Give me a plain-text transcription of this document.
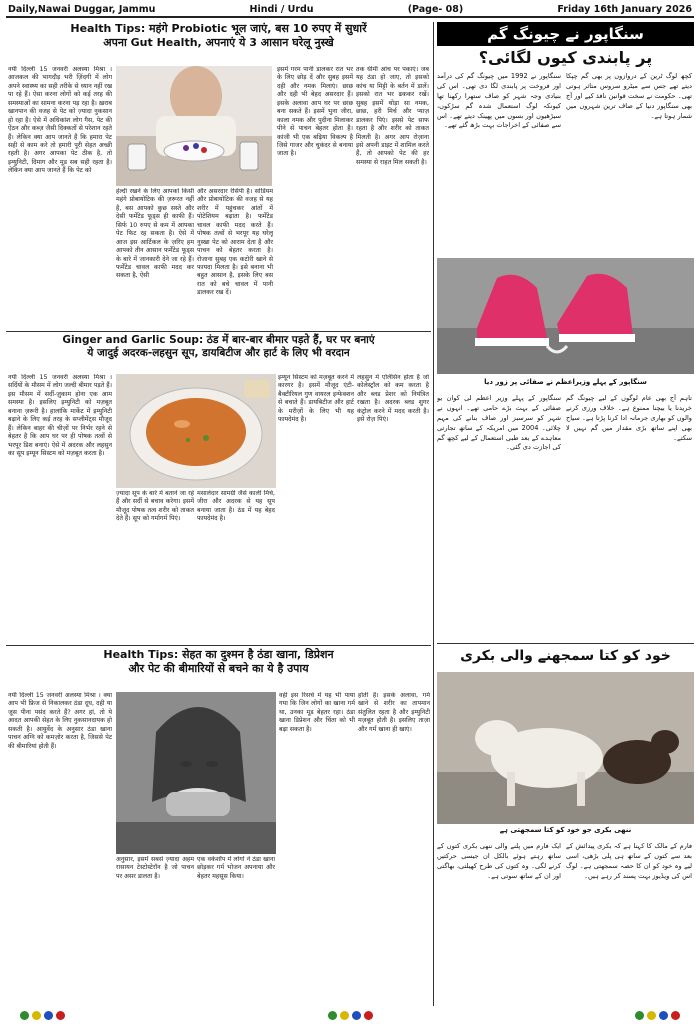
Daily,Nawai Duggar, Jammu	Hindi / Urdu	(Page- 08)	Friday 16th January 2026
Health Tips: महंगे Probiotic भूल जाएं, बस 10 रुपए में सुधारें
अपना Gut Health, अपनाएं ये 3 आसान घरेलू नुस्खे
नयी दिल्ली 15 जनवरी अलस्या मिश्रा । आजकल की भागदौड़ भरी ज़िंदगी में लोग अपने स्वास्थ्य का सही तरीके से ध्यान नहीं रख पा रहे हैं। ऐसा करना लोगों को कई तरह की समस्याओं का सामना करना पड़ रहा है। ख़राब खानपान की वजह से पेट को ज़्यादा नुकसान हो रहा है। ऐसे में अधिकांश लोग गैस, पेट की ऐंठन और कब्ज़ जैसी दिक्कतों से परेशान रहते हैं। लेकिन क्या आप जानते हैं कि हमारा पेट सही से काम करे तो हमारी पूरी सेहत अच्छी रहती है। अगर आपका पेट ठीक है, तो इम्युनिटी, दिमाग और मूड सब सही रहता है। लेकिन क्या आप जानते हैं कि पेट को
हेल्दी रखने के लिए आपको किसी महंगे प्रोबायोटिक की ज़रूरत नहीं है, बस आपको कुछ सस्ते और देसी फर्मेंटेड फूड्स ही काफी हैं। सिर्फ 10 रुपए से कम में आपका पेट फिट रह सकता है। ऐसे में आज इस आर्टिकल के ज़रिए हम आपको तीन आसान फर्मेंटेड फूड्स के बारे में जानकारी देने जा रहे हैं। फर्मेंटेड चावल काफी मदद कर सकता है, ऐसी
और असरदार रेसिपी है। सोडियम और प्रोबायोटिक की वजह से यह शरीर में पहुंचकर आंतों में पोटेशियम बढ़ाता है। फर्मेंटेड चावल काफी मदद करते हैं। पोषक तत्वों से भरपूर यह घरेलू नुस्खा पेट को आराम देता है और पाचन को बेहतर करता है। रोजाना सुबह एक कटोरी खाने से फायदा मिलता है। इसे बनाना भी बहुत आसान है, इसके लिए बस रात को बचे चावल में पानी डालकर रख दें।
इसमें गरम पानी डालकर रात भर के लिए छोड़ दें और सुबह इसमें दही और नमक मिलाएं। छाछ और दही भी बेहद असरदार हैं। इसके अलावा आप घर पर छाछ बना सकते हैं। इसमें भुना जीरा, काला नमक और पुदीना मिलाकर पीने से पाचन बेहतर होता है। कांजी भी एक बढ़िया विकल्प है जिसे गाजर और चुकंदर से बनाया जाता है।
तक धीमी आंच पर पकाएं। जब यह ठंडा हो जाए, तो इसको कांच या मिट्टी के बर्तन में डालें। इसको रात भर ढककर रखें। सुबह इसमें थोड़ा सा नमक, छाछ, हरी मिर्च और प्याज़ डालकर पिएं। इससे पेट साफ रहता है और शरीर को ताकत मिलती है। अगर आप रोज़ाना इसे अपनी डाइट में शामिल करते हैं, तो आपको पेट की हर समस्या से राहत मिल सकती है।
Ginger and Garlic Soup: ठंड में बार-बार बीमार पड़ते हैं, घर पर बनाएं
ये जादुई अदरक-लहसुन सूप, डायबिटीज और हार्ट के लिए भी वरदान
नयी दिल्ली 15 जनवरी अलस्या मिश्रा । सर्दियों के मौसम में लोग जल्दी बीमार पड़ते हैं। इस मौसम में सर्दी-ज़ुकाम होना एक आम समस्या है। इसलिए इम्युनिटी को मज़बूत बनाना ज़रूरी है। हालांकि मार्केट में इम्युनिटी बढ़ाने के लिए कई तरह के सप्लीमेंट्स मौजूद हैं। लेकिन बाहर की चीज़ों पर निर्भर रहने से बेहतर है कि आप घर पर ही पोषक तत्वों से भरपूर डिश बनाएं। ऐसे में अदरक और लहसुन का सूप इम्यून सिस्टम को मज़बूत करता है।
ज़्यादा सूप के बारे में बताने जा रहे हैं और सर्दी से बचाव करेगा। इसमें मौजूद पोषक तत्व शरीर को ताकत देते हैं। सूप को गर्मागर्म पिएं।
मसालेदार सामग्री जैसे काली मिर्च, जीरा और अदरक से यह सूप बनाया जाता है। ठंड में यह बेहद फायदेमंद है।
इम्यून सिस्टम को मज़बूत करने में कारगर है। इसमें मौजूद एंटी-बैक्टीरियल गुण वायरल इन्फेक्शन से बचाते हैं। डायबिटीज और हार्ट के मरीज़ों के लिए भी यह फायदेमंद है।
लहसुन में एलिसिन होता है जो कोलेस्ट्रॉल को कम करता है और ब्लड प्रेशर को नियंत्रित रखता है। अदरक ब्लड शुगर कंट्रोल करने में मदद करती है। इसे रोज़ पिएं।
Health Tips: सेहत का दुश्मन है ठंडा खाना, डिप्रेशन
और पेट की बीमारियों से बचने का ये है उपाय
नयी दिल्ली 15 जनवरी अलस्या मिश्रा । क्या आप भी फ्रिज से निकालकर ठंडा दूध, दही या जूस पीना पसंद करते हैं? अगर हां, तो ये आदत आपकी सेहत के लिए नुकसानदायक हो सकती है। आयुर्वेद के अनुसार ठंडा खाना पाचन अग्नि को कमज़ोर करता है, जिससे पेट की बीमारियां होती हैं।
अनुसार, इसमें सबसे ज़्यादा अहम रासायन टेस्टोस्टेरॉन है जो पाचन पर असर डालता है।
एक वर्कशॉप में लोगों ने ठंडा खाना छोड़कर गर्म भोजन अपनाया और बेहतर महसूस किया।
वहीं इस रिसर्च में यह भी पाया गया कि जिन लोगों का खाना गर्म था, उनका मूड बेहतर रहा। ठंडा खाना डिप्रेशन और चिंता को भी बढ़ा सकता है।
होती है। इसके अलावा, गर्म खाने से शरीर का तापमान संतुलित रहता है और इम्युनिटी मज़बूत होती है। इसलिए ताज़ा और गर्म खाना ही खाएं।
سنگاپور نے چیونگ گم
پر پابندی کیوں لگائی؟
سنگاپور نے 1992 میں چیونگ گم کی درآمد اور فروخت پر پابندی لگا دی تھی۔ اس کی بنیادی وجہ شہر کو صاف ستھرا رکھنا تھا کیونکہ لوگ استعمال شدہ گم سڑکوں، سیڑھیوں اور بسوں میں پھینک دیتے تھے۔ اس سے صفائی کے اخراجات بہت بڑھ گئے تھے۔
کچھ لوگ ٹرین کے دروازوں پر بھی گم چپکا دیتے تھے جس سے میٹرو سروس متاثر ہوتی تھی۔ حکومت نے سخت قوانین نافذ کیے اور آج بھی سنگاپور دنیا کے صاف ترین شہروں میں شمار ہوتا ہے۔
سنگاپور کے پہلے وزیراعظم نے صفائی پر زور دیا
سنگاپور کے پہلے وزیر اعظم لی کوان یو صفائی کے بہت بڑے حامی تھے۔ انہوں نے شہر کو سرسبز اور صاف بنانے کی مہم چلائی۔ 2004 میں امریکہ کے ساتھ تجارتی معاہدے کے بعد طبی استعمال کے لیے کچھ گم کی اجازت دی گئی۔
تاہم آج بھی عام لوگوں کے لیے چیونگ گم خریدنا یا بیچنا ممنوع ہے۔ خلاف ورزی کرنے والوں کو بھاری جرمانہ ادا کرنا پڑتا ہے۔ سیاح بھی اپنے ساتھ بڑی مقدار میں گم نہیں لا سکتے۔
خود کو کتا سمجھنے والی بکری
ننھی بکری جو خود کو کتا سمجھتی ہے
ایک فارم میں پلنے والی ننھی بکری کتوں کے ساتھ رہتے ہوئے بالکل ان جیسی حرکتیں کرنے لگی۔ وہ کتوں کی طرح کھیلتی، بھاگتی اور ان کے ساتھ سوتی ہے۔
فارم کے مالک کا کہنا ہے کہ بکری پیدائش کے بعد سے کتوں کے ساتھ ہی پلی بڑھی، اسی لیے وہ خود کو ان کا حصہ سمجھتی ہے۔ لوگ اس کی ویڈیوز بہت پسند کر رہے ہیں۔
